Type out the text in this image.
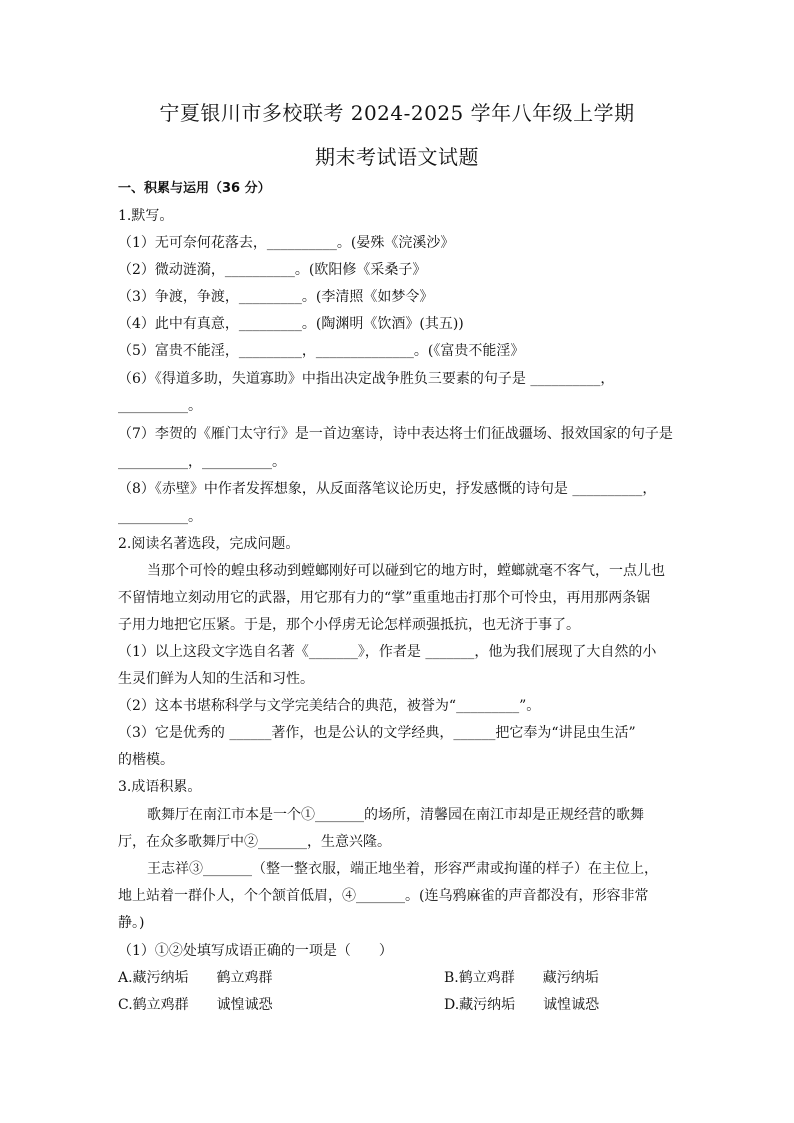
宁夏银川市多校联考 2024-2025 学年八年级上学期
期末考试语文试题
一、积累与运用（36 分）
1.默写。
（1）无可奈何花落去，__________。(晏殊《浣溪沙》
（2）微动涟漪，__________。(欧阳修《采桑子》
（3）争渡，争渡，_________。(李清照《如梦令》
（4）此中有真意，_________。(陶渊明《饮酒》(其五))
（5）富贵不能淫，_________，______________。(《富贵不能淫》
（6）《得道多助，失道寡助》中指出决定战争胜负三要素的句子是 __________，
__________。
（7）李贺的《雁门太守行》是一首边塞诗，诗中表达将士们征战疆场、报效国家的句子是
__________，__________。
（8）《赤壁》中作者发挥想象，从反面落笔议论历史，抒发感慨的诗句是 __________，
__________。
2.阅读名著选段，完成问题。
当那个可怜的蝗虫移动到螳螂刚好可以碰到它的地方时，螳螂就毫不客气，一点儿也
不留情地立刻动用它的武器，用它那有力的“掌”重重地击打那个可怜虫，再用那两条锯
子用力地把它压紧。于是，那个小俘虏无论怎样顽强抵抗，也无济于事了。
（1）以上这段文字选自名著《_______》，作者是 _______，他为我们展现了大自然的小
生灵们鲜为人知的生活和习性。
（2）这本书堪称科学与文学完美结合的典范，被誉为“_________”。
（3）它是优秀的 ______著作，也是公认的文学经典，______把它奉为“讲昆虫生活”
的楷模。
3.成语积累。
歌舞厅在南江市本是一个①_______的场所，清馨园在南江市却是正规经营的歌舞
厅，在众多歌舞厅中②_______，生意兴隆。
王志祥③_______（整一整衣服，端正地坐着，形容严肃或拘谨的样子）在主位上，
地上站着一群仆人，个个颔首低眉，④_______。(连乌鸦麻雀的声音都没有，形容非常
静。)
（1）①②处填写成语正确的一项是（　　）
A.藏污纳垢　　鹤立鸡群	B.鹤立鸡群　　藏污纳垢
C.鹤立鸡群　　诚惶诚恐	D.藏污纳垢　　诚惶诚恐
